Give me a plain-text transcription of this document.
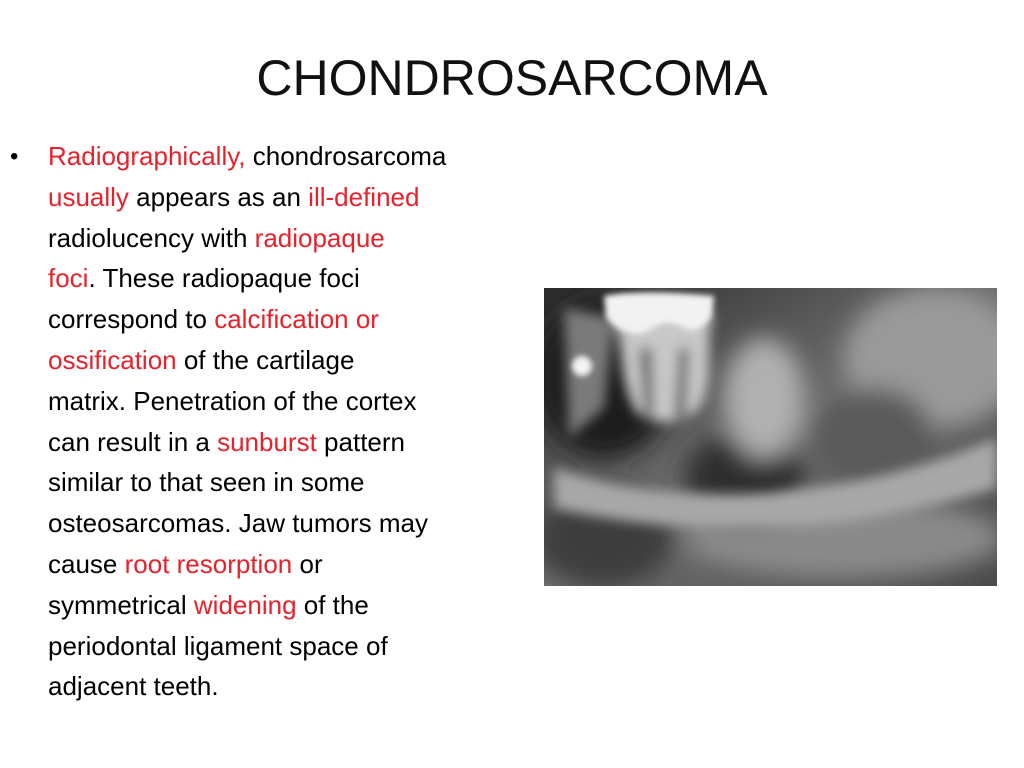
CHONDROSARCOMA
• Radiographically, chondrosarcoma
usually appears as an ill-defined
radiolucency with radiopaque
foci. These radiopaque foci
correspond to calcification or
ossification of the cartilage
matrix. Penetration of the cortex
can result in a sunburst pattern
similar to that seen in some
osteosarcomas. Jaw tumors may
cause root resorption or
symmetrical widening of the
periodontal ligament space of
adjacent teeth.
